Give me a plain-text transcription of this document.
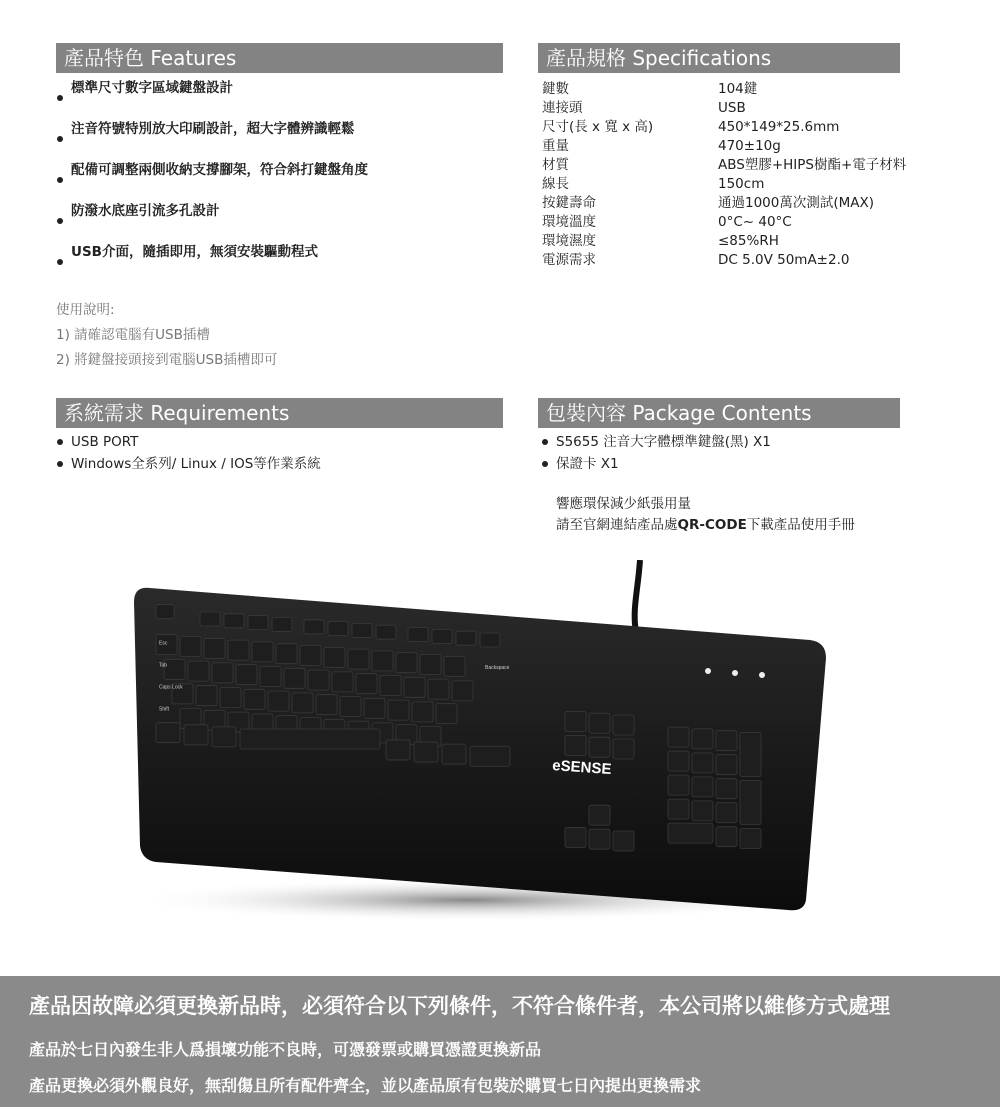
產品特色 Features
標準尺寸數字區域鍵盤設計
注音符號特別放大印刷設計，超大字體辨識輕鬆
配備可調整兩側收納支撐腳架，符合斜打鍵盤角度
防潑水底座引流多孔設計
USB介面，隨插即用，無須安裝驅動程式
使用說明:
1) 請確認電腦有USB插槽
2) 將鍵盤接頭接到電腦USB插槽即可
產品規格 Specifications
鍵數	104鍵
連接頭	USB
尺寸(長 x 寬 x 高)	450*149*25.6mm
重量	470±10g
材質	ABS塑膠+HIPS樹酯+電子材料
線長	150cm
按鍵壽命	通過1000萬次測試(MAX)
環境溫度	0°C~ 40°C
環境濕度	≤85%RH
電源需求	DC 5.0V 50mA±2.0
系統需求 Requirements
USB PORT
Windows全系列/ Linux / IOS等作業系統
包裝內容 Package Contents
S5655 注音大字體標準鍵盤(黑) X1
保證卡 X1
響應環保減少紙張用量
請至官網連結產品處QR-CODE下載產品使用手冊
Esc
Backspace
Tab
Caps Lock
Shift
eSENSE
產品因故障必須更換新品時，必須符合以下列條件，不符合條件者，本公司將以維修方式處理
產品於七日內發生非人爲損壞功能不良時，可憑發票或購買憑證更換新品
產品更換必須外觀良好，無刮傷且所有配件齊全，並以產品原有包裝於購買七日內提出更換需求
